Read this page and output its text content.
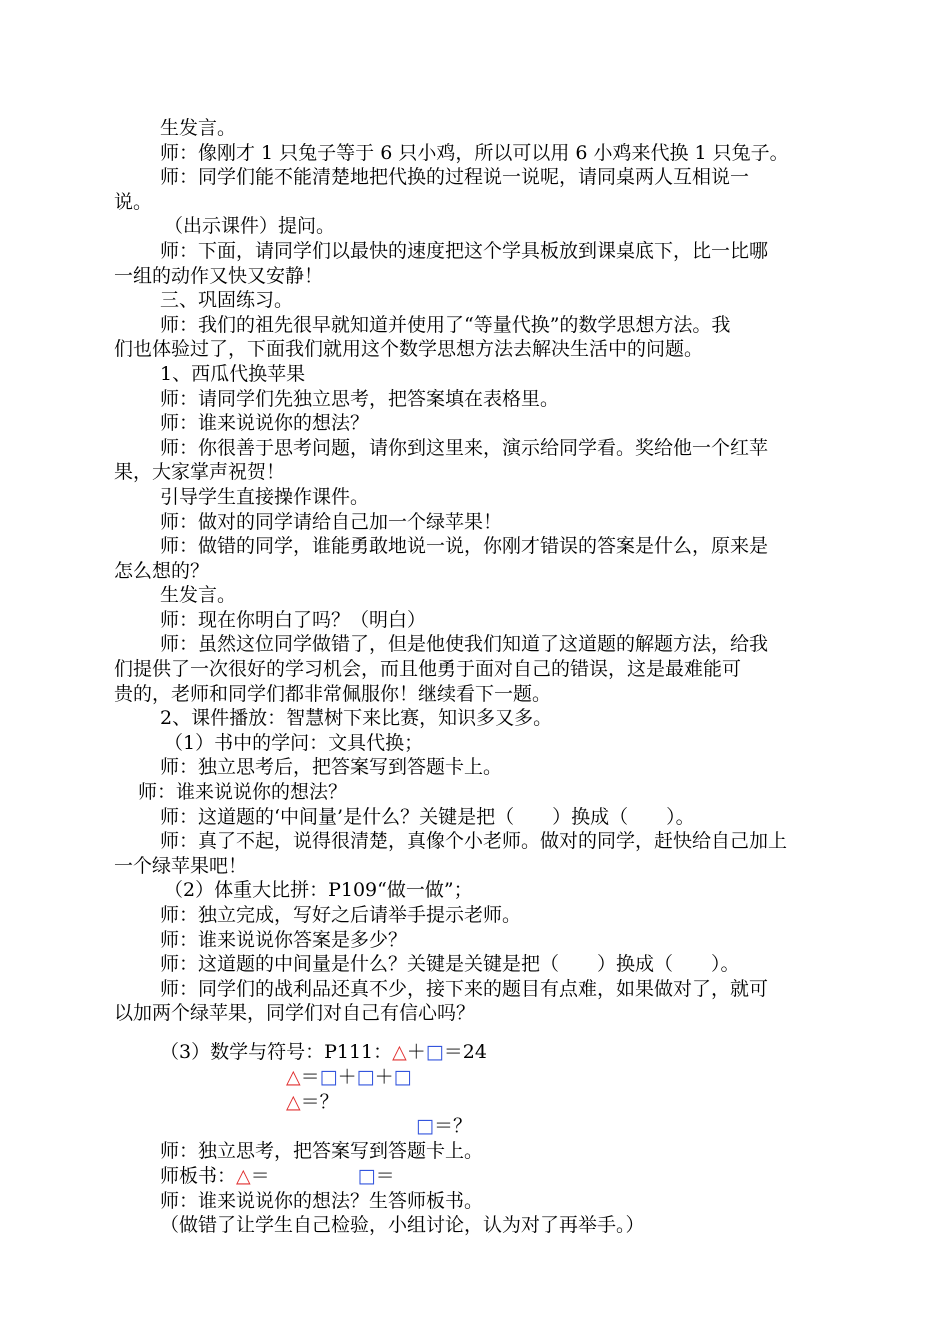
生发言。
师：像刚才 1 只兔子等于 6 只小鸡，所以可以用 6 小鸡来代换 1 只兔子。
师：同学们能不能清楚地把代换的过程说一说呢，请同桌两人互相说一
说。
（出示课件）提问。
师：下面，请同学们以最快的速度把这个学具板放到课桌底下，比一比哪
一组的动作又快又安静！
三、巩固练习。
师：我们的祖先很早就知道并使用了“等量代换”的数学思想方法。我
们也体验过了，下面我们就用这个数学思想方法去解决生活中的问题。
1、西瓜代换苹果
师：请同学们先独立思考，把答案填在表格里。
师：谁来说说你的想法？
师：你很善于思考问题，请你到这里来，演示给同学看。奖给他一个红苹
果，大家掌声祝贺！
引导学生直接操作课件。
师：做对的同学请给自己加一个绿苹果！
师：做错的同学，谁能勇敢地说一说，你刚才错误的答案是什么，原来是
怎么想的？
生发言。
师：现在你明白了吗？（明白）
师：虽然这位同学做错了，但是他使我们知道了这道题的解题方法，给我
们提供了一次很好的学习机会，而且他勇于面对自己的错误，这是最难能可
贵的，老师和同学们都非常佩服你！继续看下一题。
2、课件播放：智慧树下来比赛，知识多又多。
（1）书中的学问：文具代换；
师：独立思考后，把答案写到答题卡上。
师：谁来说说你的想法？
师：这道题的‘中间量’是什么？关键是把（　　）换成（　　）。
师：真了不起，说得很清楚，真像个小老师。做对的同学，赶快给自己加上
一个绿苹果吧！
（2）体重大比拼：P109“做一做”；
师：独立完成，写好之后请举手提示老师。
师：谁来说说你答案是多少？
师：这道题的中间量是什么？关键是关键是把（　　）换成（　　）。
师：同学们的战利品还真不少，接下来的题目有点难，如果做对了，就可
以加两个绿苹果，同学们对自己有信心吗？
（3）数学与符号：P111：△＋□＝24
△＝□＋□＋□
△＝？
□＝？
师：独立思考，把答案写到答题卡上。
师板书：△＝	□＝
师：谁来说说你的想法？生答师板书。
（做错了让学生自己检验，小组讨论，认为对了再举手。）
